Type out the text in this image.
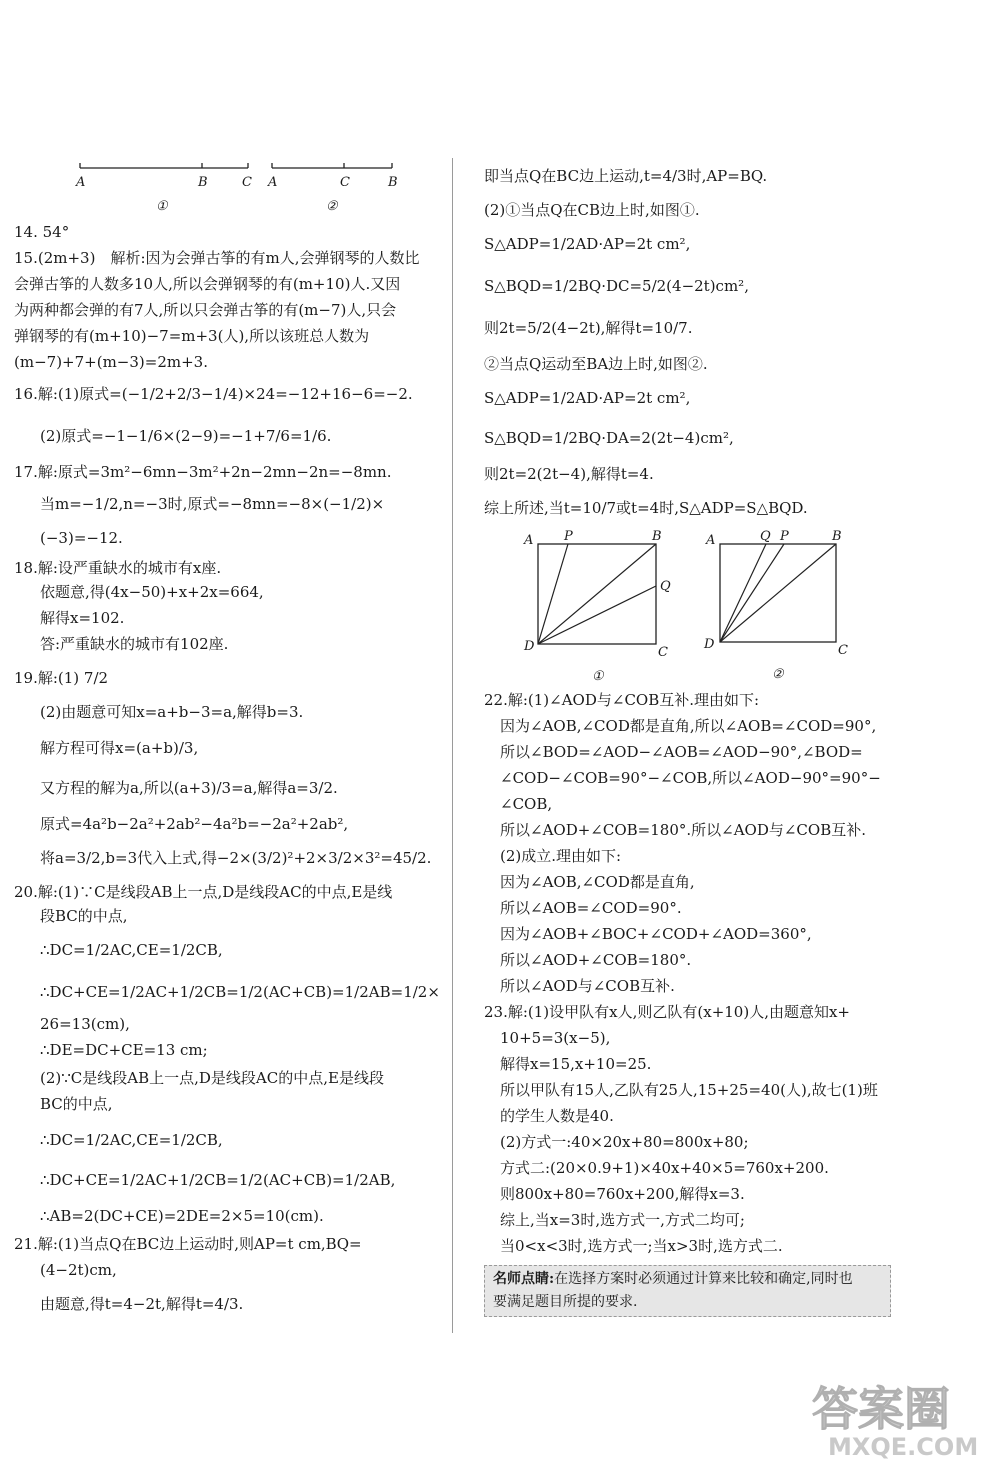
A	B	C
①
A	C	B
②
14. 54°
15.(2m+3)　解析:因为会弹古筝的有m人,会弹钢琴的人数比
会弹古筝的人数多10人,所以会弹钢琴的有(m+10)人.又因
为两种都会弹的有7人,所以只会弹古筝的有(m−7)人,只会
弹钢琴的有(m+10)−7=m+3(人),所以该班总人数为
(m−7)+7+(m−3)=2m+3.
16.解:(1)原式=(−1/2+2/3−1/4)×24=−12+16−6=−2.
(2)原式=−1−1/6×(2−9)=−1+7/6=1/6.
17.解:原式=3m²−6mn−3m²+2n−2mn−2n=−8mn.
当m=−1/2,n=−3时,原式=−8mn=−8×(−1/2)×
(−3)=−12.
18.解:设严重缺水的城市有x座.
依题意,得(4x−50)+x+2x=664,
解得x=102.
答:严重缺水的城市有102座.
19.解:(1) 7/2
(2)由题意可知x=a+b−3=a,解得b=3.
解方程可得x=(a+b)/3,
又方程的解为a,所以(a+3)/3=a,解得a=3/2.
原式=4a²b−2a²+2ab²−4a²b=−2a²+2ab²,
将a=3/2,b=3代入上式,得−2×(3/2)²+2×3/2×3²=45/2.
20.解:(1)∵C是线段AB上一点,D是线段AC的中点,E是线
段BC的中点,
∴DC=1/2AC,CE=1/2CB,
∴DC+CE=1/2AC+1/2CB=1/2(AC+CB)=1/2AB=1/2×
26=13(cm),
∴DE=DC+CE=13 cm;
(2)∵C是线段AB上一点,D是线段AC的中点,E是线段
BC的中点,
∴DC=1/2AC,CE=1/2CB,
∴DC+CE=1/2AC+1/2CB=1/2(AC+CB)=1/2AB,
∴AB=2(DC+CE)=2DE=2×5=10(cm).
21.解:(1)当点Q在BC边上运动时,则AP=t cm,BQ=
(4−2t)cm,
由题意,得t=4−2t,解得t=4/3.
即当点Q在BC边上运动,t=4/3时,AP=BQ.
(2)①当点Q在CB边上时,如图①.
S△ADP=1/2AD·AP=2t cm²,
S△BQD=1/2BQ·DC=5/2(4−2t)cm²,
则2t=5/2(4−2t),解得t=10/7.
②当点Q运动至BA边上时,如图②.
S△ADP=1/2AD·AP=2t cm²,
S△BQD=1/2BQ·DA=2(2t−4)cm²,
则2t=2(2t−4),解得t=4.
综上所述,当t=10/7或t=4时,S△ADP=S△BQD.
A P	B
Q
D	C
①
A	Q P	B
D	C
②
22.解:(1)∠AOD与∠COB互补.理由如下:
因为∠AOB,∠COD都是直角,所以∠AOB=∠COD=90°,
所以∠BOD=∠AOD−∠AOB=∠AOD−90°,∠BOD=
∠COD−∠COB=90°−∠COB,所以∠AOD−90°=90°−
∠COB,
所以∠AOD+∠COB=180°.所以∠AOD与∠COB互补.
(2)成立.理由如下:
因为∠AOB,∠COD都是直角,
所以∠AOB=∠COD=90°.
因为∠AOB+∠BOC+∠COD+∠AOD=360°,
所以∠AOD+∠COB=180°.
所以∠AOD与∠COB互补.
23.解:(1)设甲队有x人,则乙队有(x+10)人,由题意知x+
10+5=3(x−5),
解得x=15,x+10=25.
所以甲队有15人,乙队有25人,15+25=40(人),故七(1)班
的学生人数是40.
(2)方式一:40×20x+80=800x+80;
方式二:(20×0.9+1)×40x+40×5=760x+200.
则800x+80=760x+200,解得x=3.
综上,当x=3时,选方式一,方式二均可;
当0<x<3时,选方式一;当x>3时,选方式二.
名师点睛:在选择方案时必须通过计算来比较和确定,同时也
要满足题目所提的要求.
答案圈
MXQE.COM
